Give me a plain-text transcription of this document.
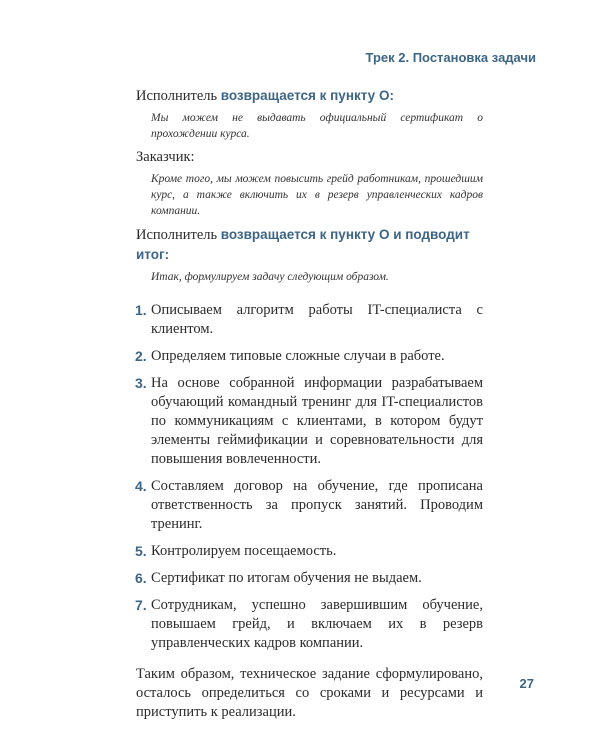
Трек 2. Постановка задачи

Исполнитель возвращается к пункту О:

Мы можем не выдавать официальный сертификат о прохождении курса.

Заказчик:

Кроме того, мы можем повысить грейд работникам, прошедшим курс, а также включить их в резерв управленческих кадров компании.

Исполнитель возвращается к пункту О и подводит итог:

Итак, формулируем задачу следующим образом.

1. Описываем алгоритм работы IT-специалиста с клиентом.
2. Определяем типовые сложные случаи в работе.
3. На основе собранной информации разрабатываем обучающий командный тренинг для IT-специалистов по коммуникациям с клиентами, в котором будут элементы геймификации и соревновательности для повышения вовлеченности.
4. Составляем договор на обучение, где прописана ответственность за пропуск занятий. Проводим тренинг.
5. Контролируем посещаемость.
6. Сертификат по итогам обучения не выдаем.
7. Сотрудникам, успешно завершившим обучение, повышаем грейд, и включаем их в резерв управленческих кадров компании.

Таким образом, техническое задание сформулировано, осталось определиться со сроками и ресурсами и приступить к реализации.

27
